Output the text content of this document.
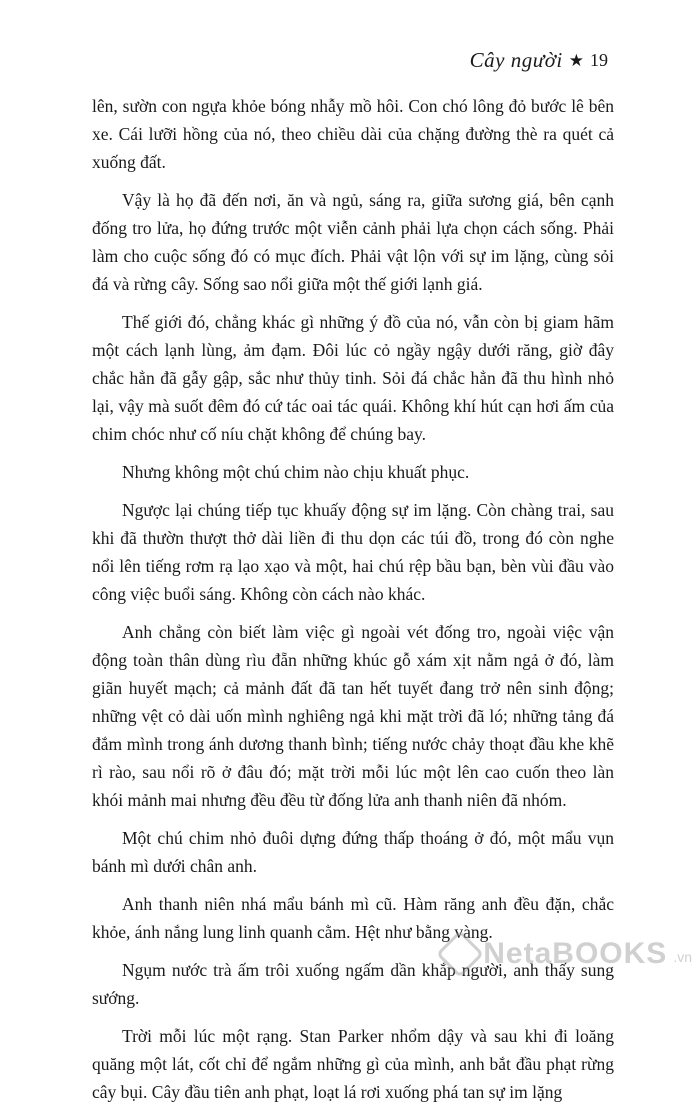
Cây người ★ 19

lên, sườn con ngựa khỏe bóng nhẫy mồ hôi. Con chó lông đỏ bước lê bên xe. Cái lưỡi hồng của nó, theo chiều dài của chặng đường thè ra quét cả xuống đất.

Vậy là họ đã đến nơi, ăn và ngủ, sáng ra, giữa sương giá, bên cạnh đống tro lửa, họ đứng trước một viễn cảnh phải lựa chọn cách sống. Phải làm cho cuộc sống đó có mục đích. Phải vật lộn với sự im lặng, cùng sỏi đá và rừng cây. Sống sao nổi giữa một thế giới lạnh giá.

Thế giới đó, chẳng khác gì những ý đồ của nó, vẫn còn bị giam hãm một cách lạnh lùng, ảm đạm. Đôi lúc cỏ ngầy ngậy dưới răng, giờ đây chắc hẳn đã gẫy gập, sắc như thủy tinh. Sỏi đá chắc hẳn đã thu hình nhỏ lại, vậy mà suốt đêm đó cứ tác oai tác quái. Không khí hút cạn hơi ấm của chim chóc như cố níu chặt không để chúng bay.

Nhưng không một chú chim nào chịu khuất phục.

Ngược lại chúng tiếp tục khuấy động sự im lặng. Còn chàng trai, sau khi đã thườn thượt thở dài liền đi thu dọn các túi đồ, trong đó còn nghe nổi lên tiếng rơm rạ lạo xạo và một, hai chú rệp bầu bạn, bèn vùi đầu vào công việc buổi sáng. Không còn cách nào khác.

Anh chẳng còn biết làm việc gì ngoài vét đống tro, ngoài việc vận động toàn thân dùng rìu đẵn những khúc gỗ xám xịt nằm ngả ở đó, làm giãn huyết mạch; cả mảnh đất đã tan hết tuyết đang trở nên sinh động; những vệt cỏ dài uốn mình nghiêng ngả khi mặt trời đã ló; những tảng đá đắm mình trong ánh dương thanh bình; tiếng nước chảy thoạt đầu khe khẽ rì rào, sau nổi rõ ở đâu đó; mặt trời mỗi lúc một lên cao cuốn theo làn khói mảnh mai nhưng đều đều từ đống lửa anh thanh niên đã nhóm.

Một chú chim nhỏ đuôi dựng đứng thấp thoáng ở đó, một mẩu vụn bánh mì dưới chân anh.

Anh thanh niên nhá mẩu bánh mì cũ. Hàm răng anh đều đặn, chắc khỏe, ánh nắng lung linh quanh cằm. Hệt như bằng vàng.

Ngụm nước trà ấm trôi xuống ngấm dần khắp người, anh thấy sung sướng.

Trời mỗi lúc một rạng. Stan Parker nhổm dậy và sau khi đi loăng quăng một lát, cốt chỉ để ngắm những gì của mình, anh bắt đầu phạt rừng cây bụi. Cây đầu tiên anh phạt, loạt lá rơi xuống phá tan sự im lặng

NetaBOOKS .vn
